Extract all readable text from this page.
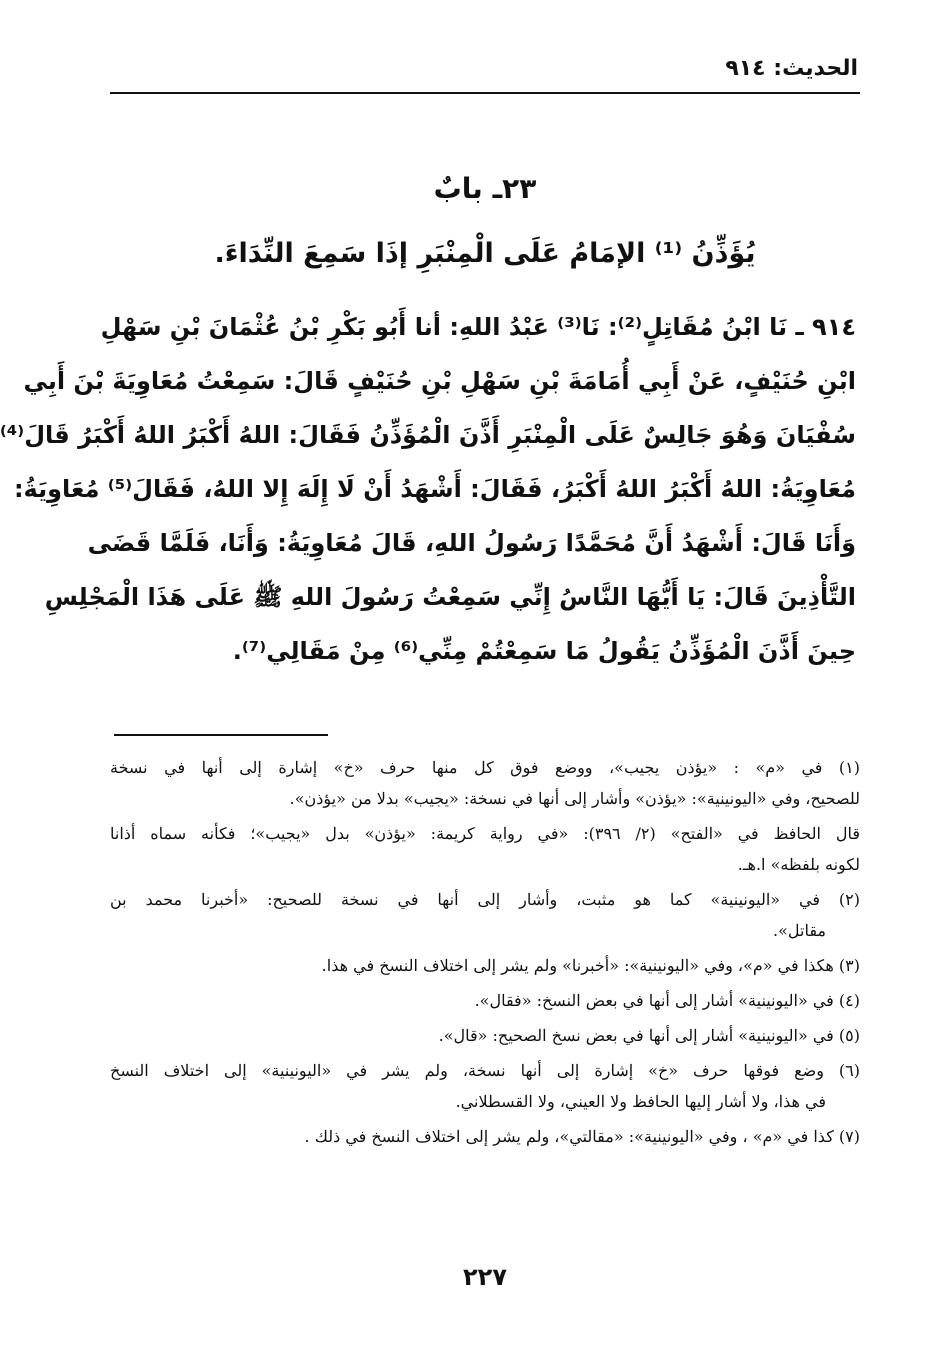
الحديث: ٩١٤
٢٣ـ بابٌ
يُؤَذِّنُ ⁽¹⁾ الإمَامُ عَلَى الْمِنْبَرِ إذَا سَمِعَ النِّدَاءَ.
٩١٤ ـ نَا ابْنُ مُقَاتِلٍ⁽²⁾: نَا⁽³⁾ عَبْدُ اللهِ: أنا أَبُو بَكْرِ بْنُ عُثْمَانَ بْنِ سَهْلِ
ابْنِ حُنَيْفٍ، عَنْ أَبِي أُمَامَةَ بْنِ سَهْلِ بْنِ حُنَيْفٍ قَالَ: سَمِعْتُ مُعَاوِيَةَ بْنَ أَبِي
سُفْيَانَ وَهُوَ جَالِسٌ عَلَى الْمِنْبَرِ أَذَّنَ الْمُؤَذِّنُ فَقَالَ: اللهُ أَكْبَرُ اللهُ أَكْبَرُ قَالَ⁽⁴⁾
مُعَاوِيَةُ: اللهُ أَكْبَرُ اللهُ أَكْبَرُ، فَقَالَ: أَشْهَدُ أَنْ لَا إِلَهَ إِلا اللهُ، فَقَالَ⁽⁵⁾ مُعَاوِيَةُ:
وَأَنَا قَالَ: أَشْهَدُ أَنَّ مُحَمَّدًا رَسُولُ اللهِ، قَالَ مُعَاوِيَةُ: وَأَنَا، فَلَمَّا قَضَى
التَّأْذِينَ قَالَ: يَا أَيُّهَا النَّاسُ إِنِّي سَمِعْتُ رَسُولَ اللهِ ﷺ عَلَى هَذَا الْمَجْلِسِ
حِينَ أَذَّنَ الْمُؤَذِّنُ يَقُولُ مَا سَمِعْتُمْ مِنِّي⁽⁶⁾ مِنْ مَقَالِي⁽⁷⁾.
(١) في «م» : «يؤذن يجيب»، ووضع فوق كل منها حرف «خ» إشارة إلى أنها في نسخة
للصحيح، وفي «اليونينية»: «يؤذن» وأشار إلى أنها في نسخة: «يجيب» بدلا من «يؤذن».
قال الحافظ في «الفتح» (٢/ ٣٩٦): «في رواية كريمة: «يؤذن» بدل «يجيب»؛ فكأنه سماه أذانا
لكونه بلفظه» ا.هـ.
(٢) في «اليونينية» كما هو مثبت، وأشار إلى أنها في نسخة للصحيح: «أخبرنا محمد بن
مقاتل».
(٣) هكذا في «م»، وفي «اليونينية»: «أخبرنا» ولم يشر إلى اختلاف النسخ في هذا.
(٤) في «اليونينية» أشار إلى أنها في بعض النسخ: «فقال».
(٥) في «اليونينية» أشار إلى أنها في بعض نسخ الصحيح: «قال».
(٦) وضع فوقها حرف «خ» إشارة إلى أنها نسخة، ولم يشر في «اليونينية» إلى اختلاف النسخ
في هذا، ولا أشار إليها الحافظ ولا العيني، ولا القسطلاني.
(٧) كذا في «م» ، وفي «اليونينية»: «مقالتي»، ولم يشر إلى اختلاف النسخ في ذلك .
٢٢٧
